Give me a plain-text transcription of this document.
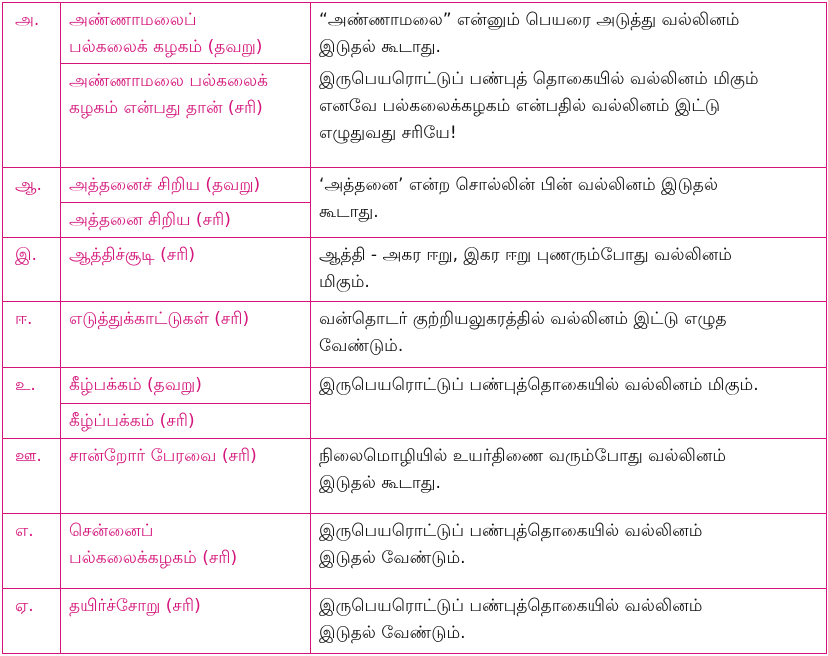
அ.	அண்ணாமலைப்
பல்கலைக் கழகம் (தவறு)	“அண்ணாமலை” என்னும் பெயரை அடுத்து வல்லினம்
இடுதல் கூடாது.
இருபெயரொட்டுப் பண்புத் தொகையில் வல்லினம் மிகும்
எனவே பல்கலைக்கழகம் என்பதில் வல்லினம் இட்டு
எழுதுவது சரியே!

	அண்ணாமலை பல்கலைக்
கழகம் என்பது தான் (சரி)	

ஆ.	அத்தனைச் சிறிய (தவறு)	‘அத்தனை’ என்ற சொல்லின் பின் வல்லினம் இடுதல்
கூடாது.

	அத்தனை சிறிய (சரி)	

இ.	ஆத்திச்சூடி (சரி)	ஆத்தி - அகர ஈறு, இகர ஈறு புணரும்போது வல்லினம்
மிகும்.

ஈ.	எடுத்துக்காட்டுகள் (சரி)	வன்தொடர் குற்றியலுகரத்தில் வல்லினம் இட்டு எழுத
வேண்டும்.

உ.	கீழ்பக்கம் (தவறு)	இருபெயரொட்டுப் பண்புத்தொகையில் வல்லினம் மிகும்.

	கீழ்ப்பக்கம் (சரி)	

ஊ.	சான்றோர் பேரவை (சரி)	நிலைமொழியில் உயர்திணை வரும்போது வல்லினம்
இடுதல் கூடாது.

எ.	சென்னைப்
பல்கலைக்கழகம் (சரி)	இருபெயரொட்டுப் பண்புத்தொகையில் வல்லினம்
இடுதல் வேண்டும்.

ஏ.	தயிர்ச்சோறு (சரி)	இருபெயரொட்டுப் பண்புத்தொகையில் வல்லினம்
இடுதல் வேண்டும்.
